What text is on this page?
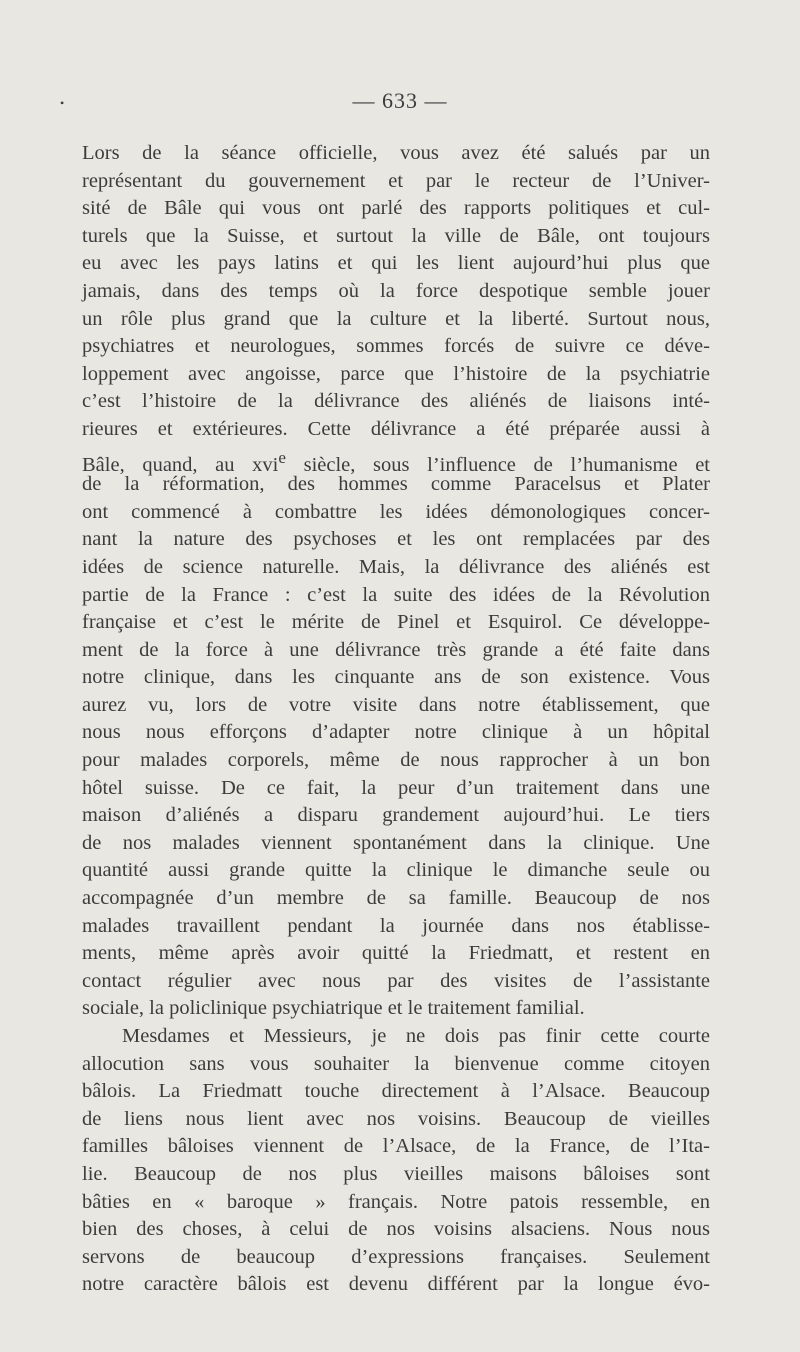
•	— 633 —
Lors de la séance officielle, vous avez été salués par un
représentant du gouvernement et par le recteur de l’Univer-
sité de Bâle qui vous ont parlé des rapports politiques et cul-
turels que la Suisse, et surtout la ville de Bâle, ont toujours
eu avec les pays latins et qui les lient aujourd’hui plus que
jamais, dans des temps où la force despotique semble jouer
un rôle plus grand que la culture et la liberté. Surtout nous,
psychiatres et neurologues, sommes forcés de suivre ce déve-
loppement avec angoisse, parce que l’histoire de la psychiatrie
c’est l’histoire de la délivrance des aliénés de liaisons inté-
rieures et extérieures. Cette délivrance a été préparée aussi à
Bâle, quand, au xvi$^e$ siècle, sous l’influence de l’humanisme et
de la réformation, des hommes comme Paracelsus et Plater
ont commencé à combattre les idées démonologiques concer-
nant la nature des psychoses et les ont remplacées par des
idées de science naturelle. Mais, la délivrance des aliénés est
partie de la France : c’est la suite des idées de la Révolution
française et c’est le mérite de Pinel et Esquirol. Ce développe-
ment de la force à une délivrance très grande a été faite dans
notre clinique, dans les cinquante ans de son existence. Vous
aurez vu, lors de votre visite dans notre établissement, que
nous nous efforçons d’adapter notre clinique à un hôpital
pour malades corporels, même de nous rapprocher à un bon
hôtel suisse. De ce fait, la peur d’un traitement dans une
maison d’aliénés a disparu grandement aujourd’hui. Le tiers
de nos malades viennent spontanément dans la clinique. Une
quantité aussi grande quitte la clinique le dimanche seule ou
accompagnée d’un membre de sa famille. Beaucoup de nos
malades travaillent pendant la journée dans nos établisse-
ments, même après avoir quitté la Friedmatt, et restent en
contact régulier avec nous par des visites de l’assistante
sociale, la policlinique psychiatrique et le traitement familial.
Mesdames et Messieurs, je ne dois pas finir cette courte
allocution sans vous souhaiter la bienvenue comme citoyen
bâlois. La Friedmatt touche directement à l’Alsace. Beaucoup
de liens nous lient avec nos voisins. Beaucoup de vieilles
familles bâloises viennent de l’Alsace, de la France, de l’Ita-
lie. Beaucoup de nos plus vieilles maisons bâloises sont
bâties en « baroque » français. Notre patois ressemble, en
bien des choses, à celui de nos voisins alsaciens. Nous nous
servons de beaucoup d’expressions françaises. Seulement
notre caractère bâlois est devenu différent par la longue évo-
